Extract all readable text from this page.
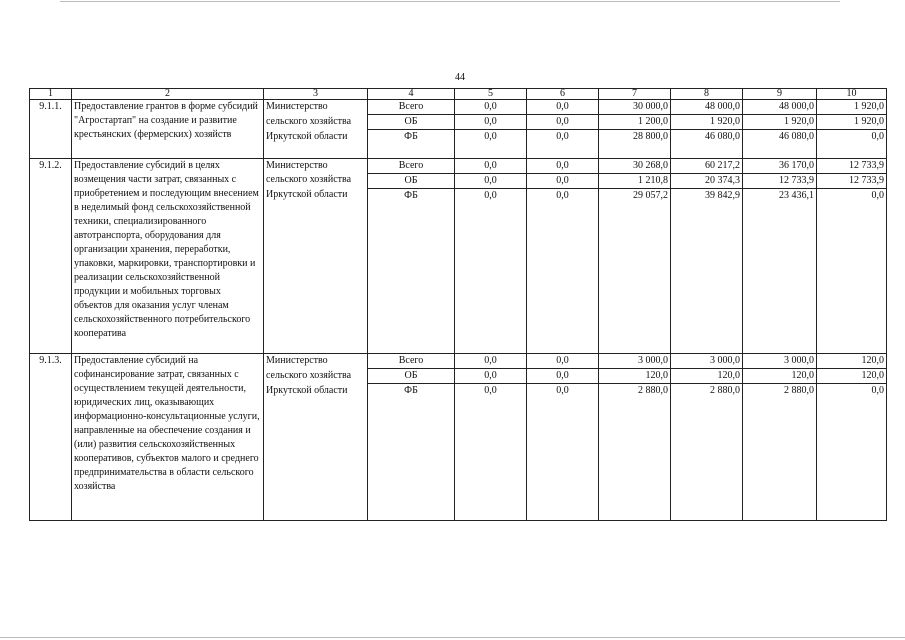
44
1	2	3	4	5	6	7	8	9	10
9.1.1.	Предоставление грантов в форме субсидий "Агростартап" на создание и развитие крестьянских (фермерских) хозяйств	Министерство	Всего	0,0	0,0	30 000,0	48 000,0	48 000,0	1 920,0
		сельского хозяйства	ОБ	0,0	0,0	1 200,0	1 920,0	1 920,0	1 920,0
		Иркутской области	ФБ	0,0	0,0	28 800,0	46 080,0	46 080,0	0,0
9.1.2.	Предоставление субсидий в целях возмещения части затрат, связанных с приобретением и последующим внесением в неделимый фонд сельскохозяйственной техники, специализированного автотранспорта, оборудования для организации хранения, переработки, упаковки, маркировки, транспортировки и реализации сельскохозяйственной продукции и мобильных торговых объектов для оказания услуг членам сельскохозяйственного потребительского кооператива	Министерство	Всего	0,0	0,0	30 268,0	60 217,2	36 170,0	12 733,9
		сельского хозяйства	ОБ	0,0	0,0	1 210,8	20 374,3	12 733,9	12 733,9
		Иркутской области	ФБ	0,0	0,0	29 057,2	39 842,9	23 436,1	0,0
9.1.3.	Предоставление субсидий на софинансирование затрат, связанных с осуществлением текущей деятельности, юридических лиц, оказывающих информационно-консультационные услуги, направленные на обеспечение создания и (или) развития сельскохозяйственных кооперативов, субъектов малого и среднего предпринимательства в области сельского хозяйства	Министерство	Всего	0,0	0,0	3 000,0	3 000,0	3 000,0	120,0
		сельского хозяйства	ОБ	0,0	0,0	120,0	120,0	120,0	120,0
		Иркутской области	ФБ	0,0	0,0	2 880,0	2 880,0	2 880,0	0,0
